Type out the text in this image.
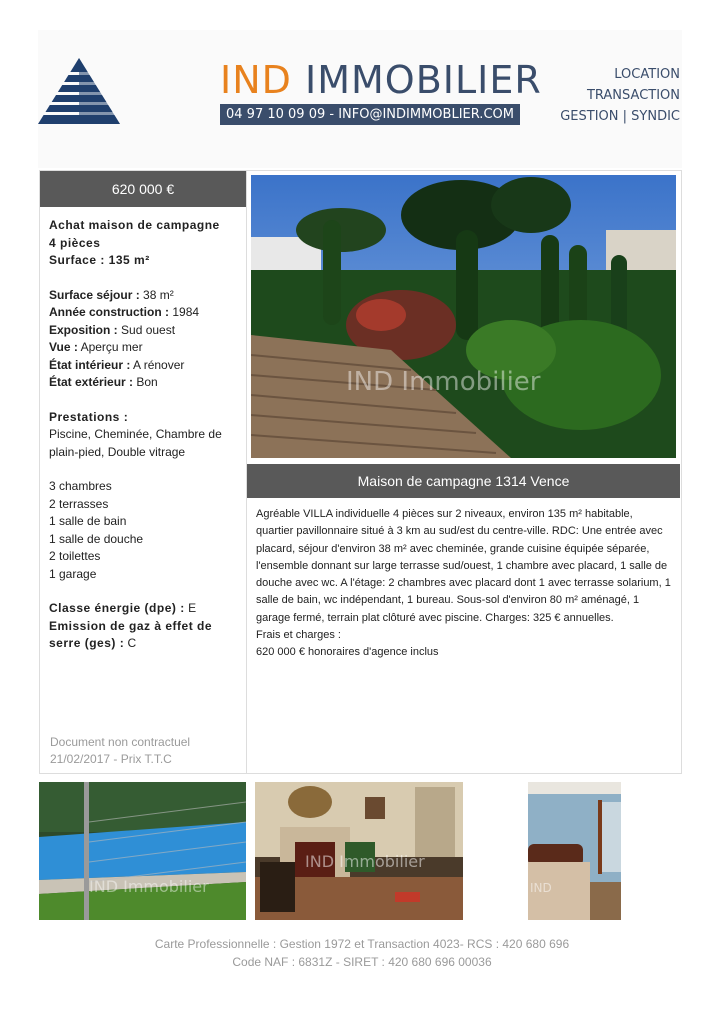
IND IMMOBILIER
04 97 10 09 09 - INFO@INDIMMOBLIER.COM
LOCATION
TRANSACTION
GESTION | SYNDIC
620 000 €
Achat maison de campagne
4 pièces
Surface : 135 m²
Surface séjour : 38 m²
Année construction : 1984
Exposition : Sud ouest
Vue : Aperçu mer
État intérieur : A rénover
État extérieur : Bon
Prestations :
Piscine, Cheminée, Chambre de plain-pied, Double vitrage
3 chambres
2 terrasses
1 salle de bain
1 salle de douche
2 toilettes
1 garage
Classe énergie (dpe) : E
Emission de gaz à effet de
serre (ges) : C
Document non contractuel
21/02/2017 - Prix T.T.C
IND Immobilier
Maison de campagne 1314 Vence
Agréable VILLA individuelle 4 pièces sur 2 niveaux, environ 135 m² habitable, quartier pavillonnaire situé à 3 km au sud/est du centre-ville. RDC: Une entrée avec placard, séjour d'environ 38 m² avec cheminée, grande cuisine équipée séparée, l'ensemble donnant sur large terrasse sud/ouest, 1 chambre avec placard, 1 salle de douche avec wc. A l'étage: 2 chambres avec placard dont 1 avec terrasse solarium, 1 salle de bain, wc indépendant, 1 bureau. Sous-sol d'environ 80 m² aménagé, 1 garage fermé, terrain plat clôturé avec piscine. Charges: 325 € annuelles.
Frais et charges :
620 000 € honoraires d'agence inclus
IND Immobilier
IND Immobilier
IND
Carte Professionnelle : Gestion 1972 et Transaction 4023- RCS : 420 680 696
Code NAF : 6831Z - SIRET : 420 680 696 00036
